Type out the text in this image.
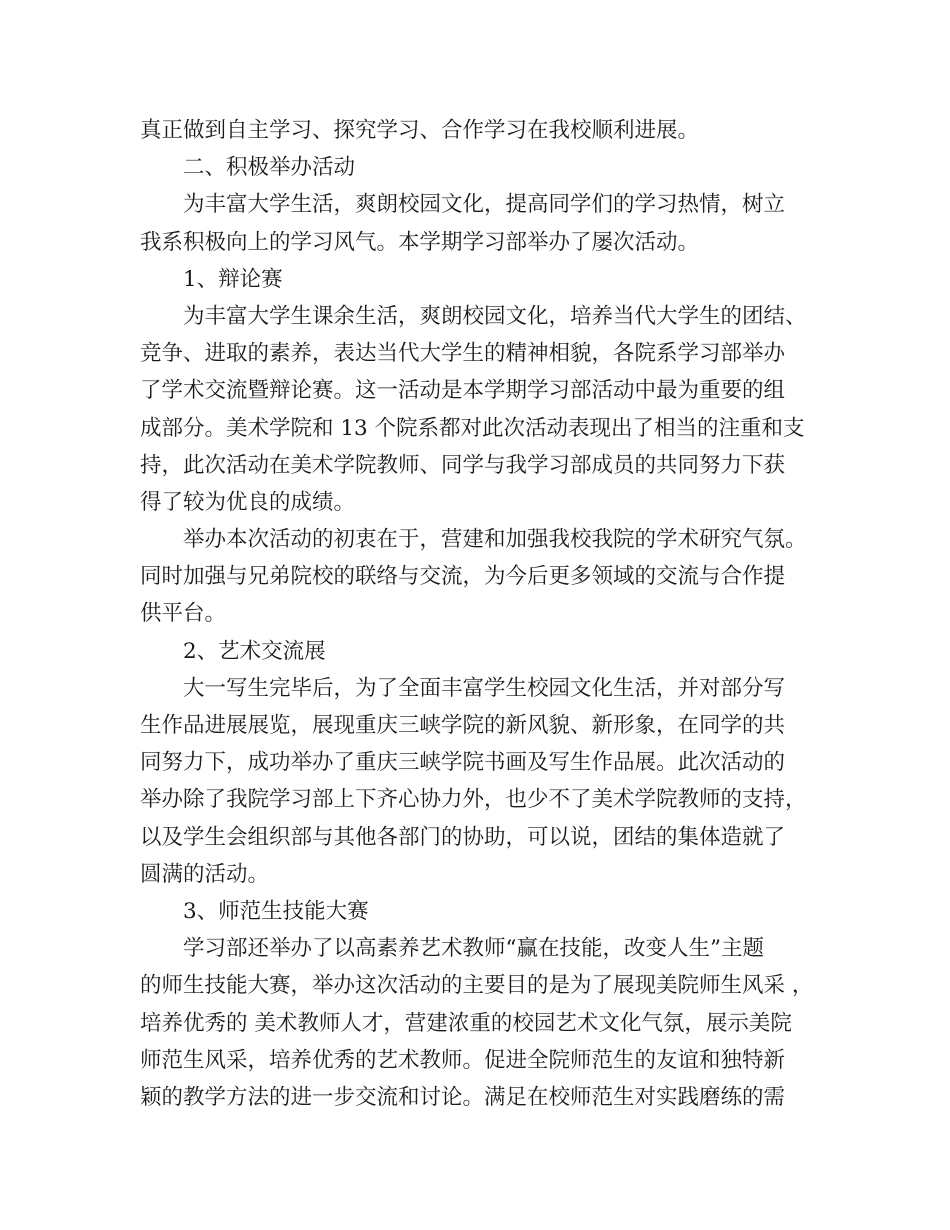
真正做到自主学习、探究学习、合作学习在我校顺利进展。
二、积极举办活动
为丰富大学生活，爽朗校园文化，提高同学们的学习热情，树立
我系积极向上的学习风气。本学期学习部举办了屡次活动。
1、辩论赛
为丰富大学生课余生活，爽朗校园文化，培养当代大学生的团结、
竞争、进取的素养，表达当代大学生的精神相貌，各院系学习部举办
了学术交流暨辩论赛。这一活动是本学期学习部活动中最为重要的组
成部分。美术学院和 13 个院系都对此次活动表现出了相当的注重和支
持，此次活动在美术学院教师、同学与我学习部成员的共同努力下获
得了较为优良的成绩。
举办本次活动的初衷在于，营建和加强我校我院的学术研究气氛。
同时加强与兄弟院校的联络与交流，为今后更多领域的交流与合作提
供平台。
2、艺术交流展
大一写生完毕后，为了全面丰富学生校园文化生活，并对部分写
生作品进展展览，展现重庆三峡学院的新风貌、新形象，在同学的共
同努力下，成功举办了重庆三峡学院书画及写生作品展。此次活动的
举办除了我院学习部上下齐心协力外，也少不了美术学院教师的支持，
以及学生会组织部与其他各部门的协助，可以说，团结的集体造就了
圆满的活动。
3、师范生技能大赛
学习部还举办了以高素养艺术教师“赢在技能，改变人生”主题
的师生技能大赛，举办这次活动的主要目的是为了展现美院师生风采 ，
培养优秀的 美术教师人才，营建浓重的校园艺术文化气氛，展示美院
师范生风采，培养优秀的艺术教师。促进全院师范生的友谊和独特新
颖的教学方法的进一步交流和讨论。满足在校师范生对实践磨练的需
